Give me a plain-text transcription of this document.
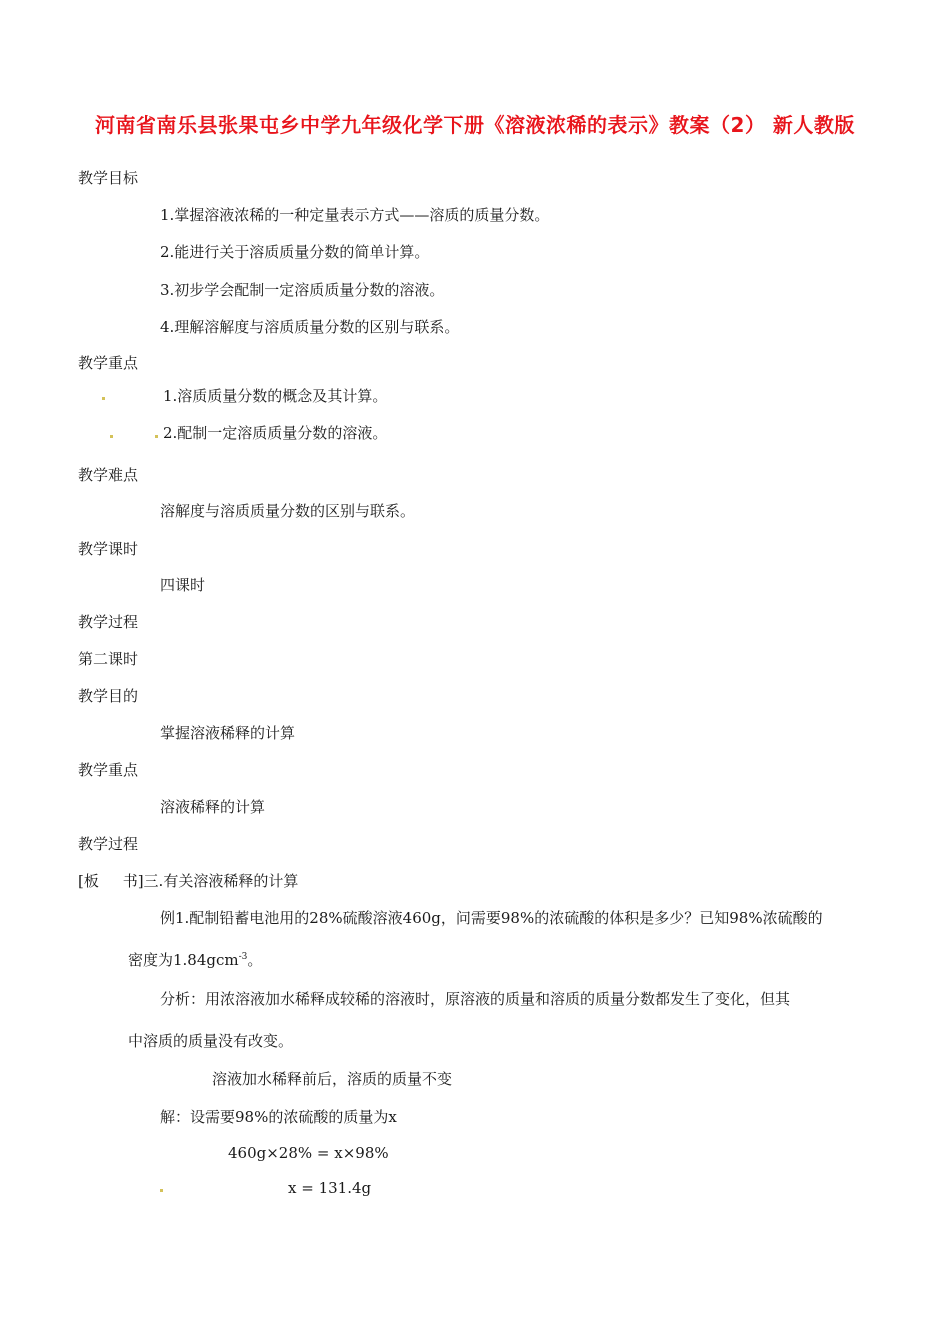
河南省南乐县张果屯乡中学九年级化学下册《溶液浓稀的表示》教案（2） 新人教版
教学目标
1.掌握溶液浓稀的一种定量表示方式——溶质的质量分数。
2.能进行关于溶质质量分数的简单计算。
3.初步学会配制一定溶质质量分数的溶液。
4.理解溶解度与溶质质量分数的区别与联系。
教学重点
1.溶质质量分数的概念及其计算。
2.配制一定溶质质量分数的溶液。
教学难点
溶解度与溶质质量分数的区别与联系。
教学课时
四课时
教学过程
第二课时
教学目的
掌握溶液稀释的计算
教学重点
溶液稀释的计算
教学过程
[板     书]三.有关溶液稀释的计算
例1.配制铅蓄电池用的28%硫酸溶液460g，问需要98%的浓硫酸的体积是多少？已知98%浓硫酸的
密度为1.84gcm$^{-3}$。
分析：用浓溶液加水稀释成较稀的溶液时，原溶液的质量和溶质的质量分数都发生了变化，但其
中溶质的质量没有改变。
溶液加水稀释前后，溶质的质量不变
解：设需要98%的浓硫酸的质量为x
460g×28% = x×98%
x = 131.4g
